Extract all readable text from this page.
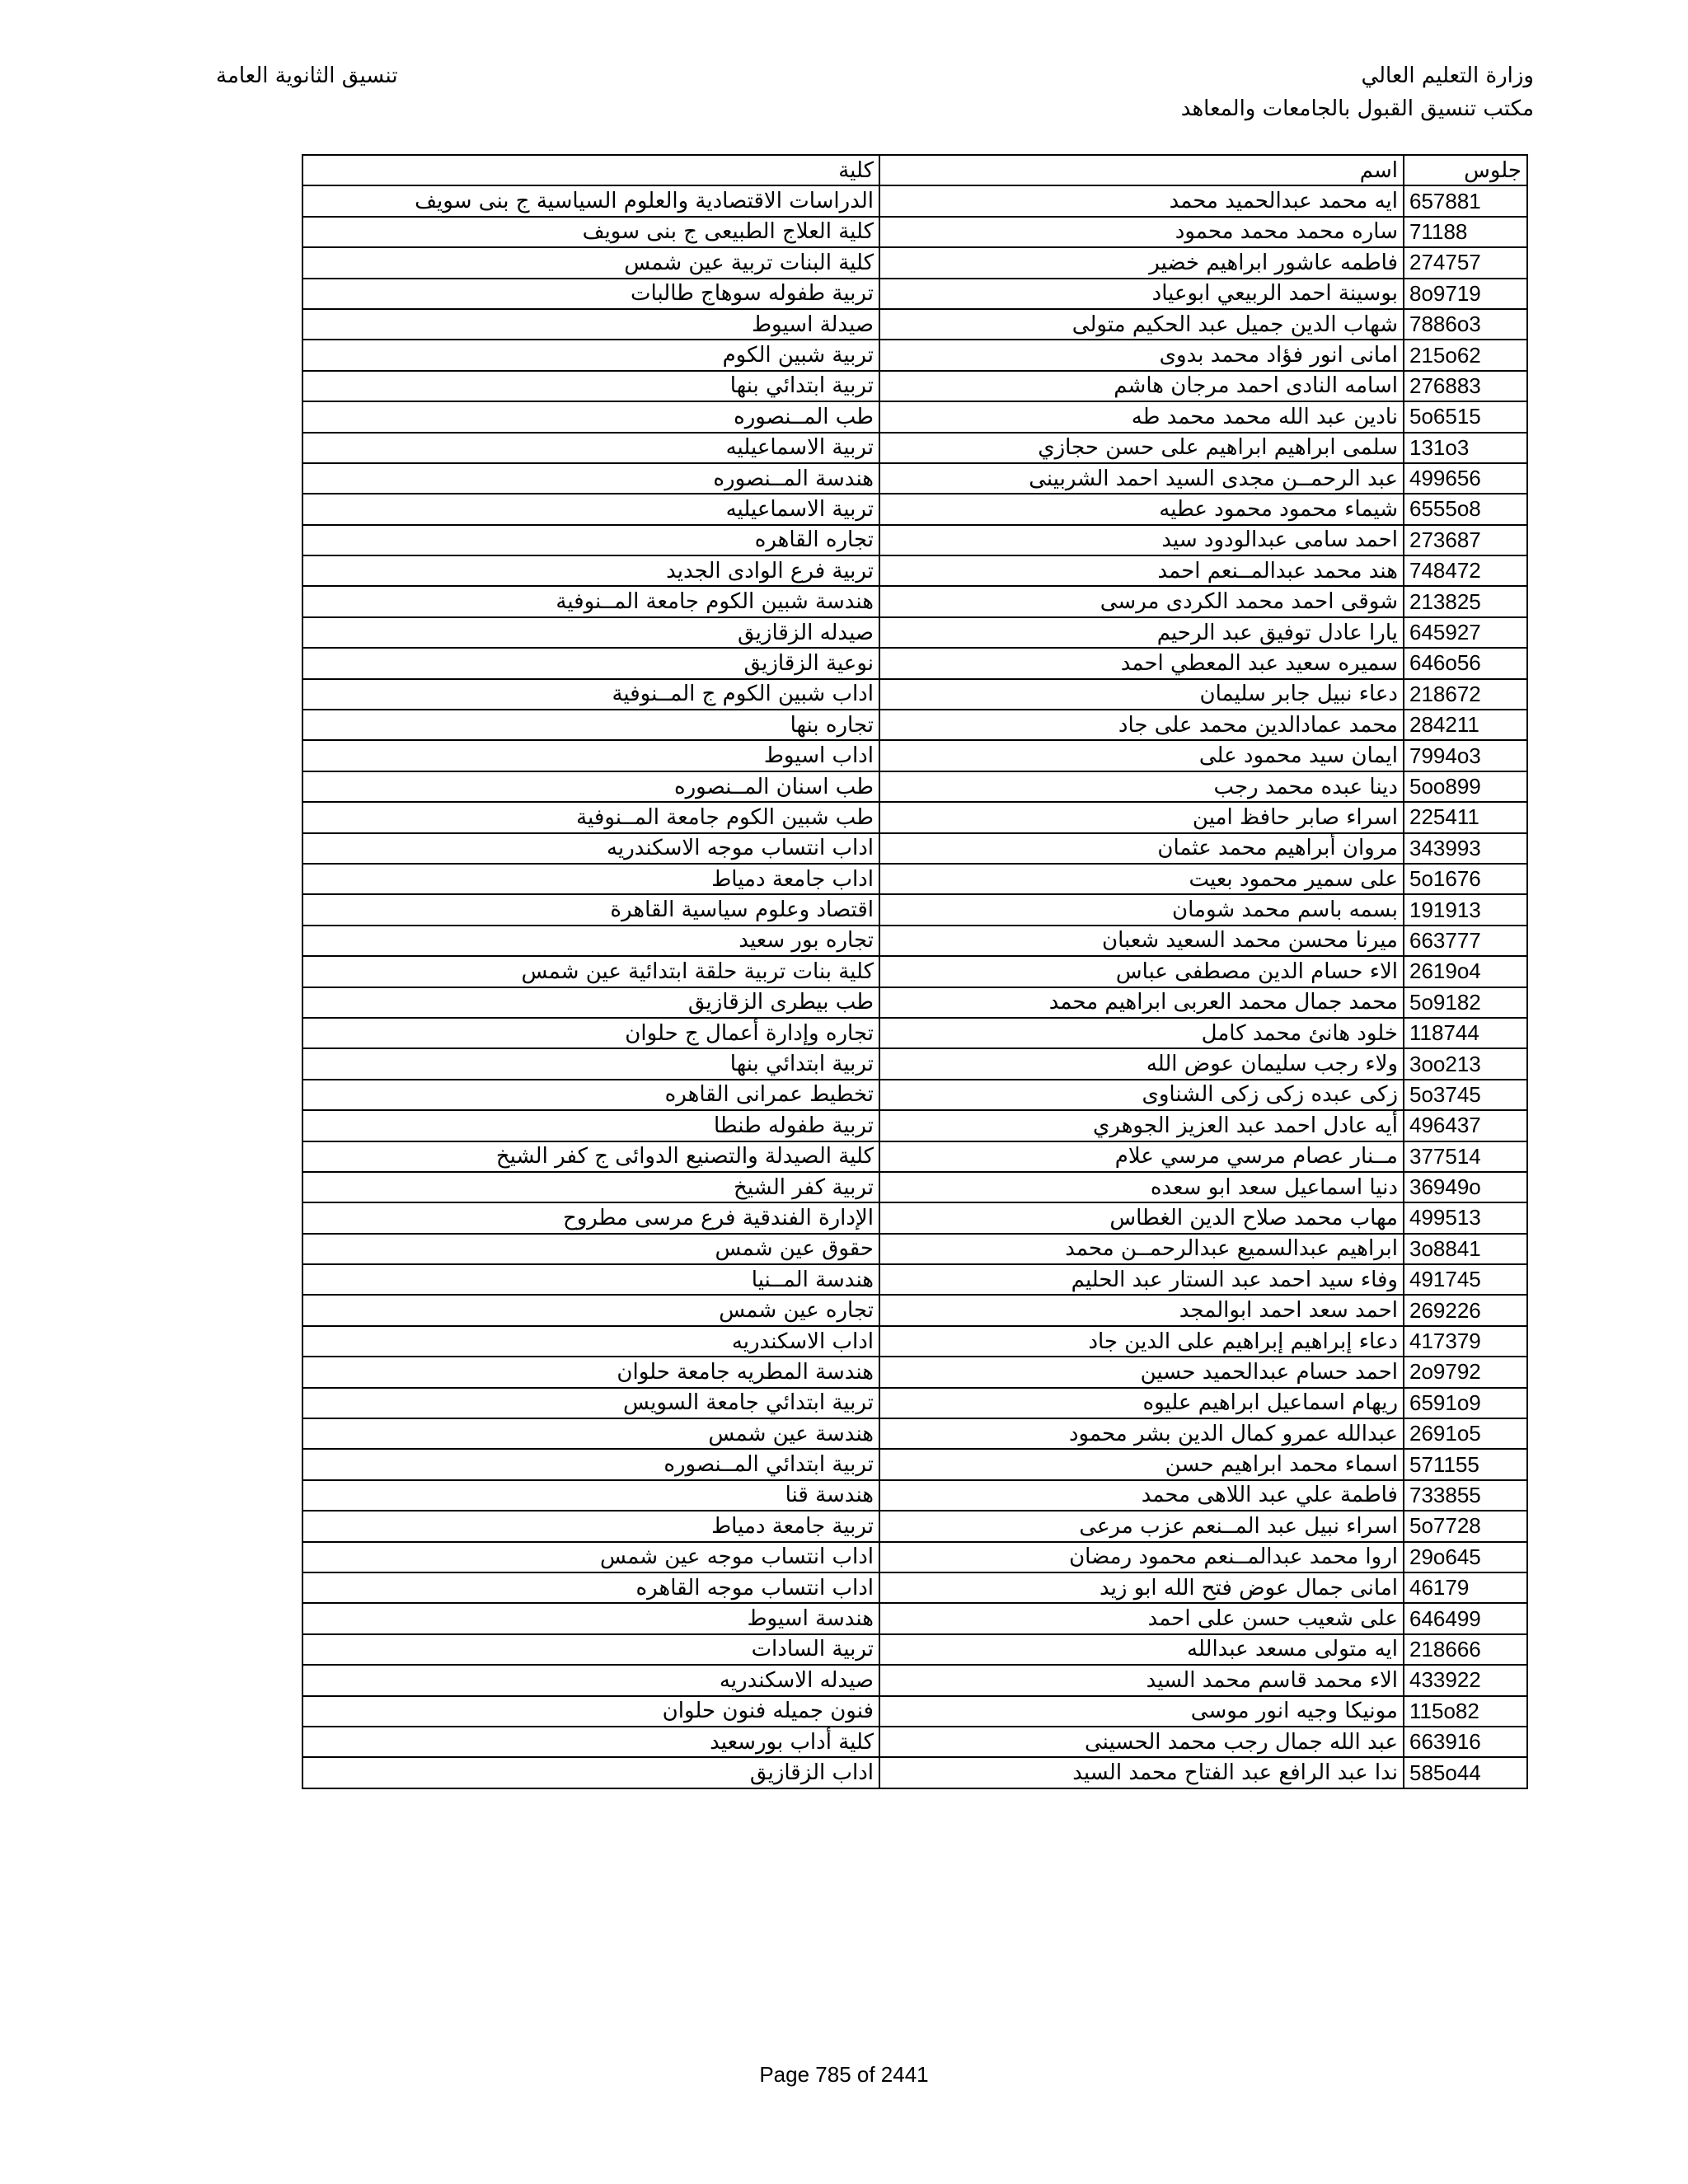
وزارة التعليم العالي
مكتب تنسيق القبول بالجامعات والمعاهد
تنسيق الثانوية العامة
جلوس	اسم	كلية
657881	ايه محمد عبدالحميد محمد	الدراسات الاقتصادية والعلوم السياسية ج بنى سويف
71188	ساره محمد محمد محمود	كلية العلاج الطبيعى ج بنى سويف
274757	فاطمه عاشور ابراهيم خضير	كلية البنات تربية عين شمس
8o9719	بوسينة احمد الربيعي ابوعياد	تربية طفوله سوهاج طالبات
7886o3	شهاب الدين جميل عبد الحكيم متولى	صيدلة اسيوط
215o62	امانى انور فؤاد محمد بدوى	تربية شبين الكوم
276883	اسامه النادى احمد مرجان هاشم	تربية ابتدائي بنها
5o6515	نادين عبد الله محمد محمد طه	طب المــنصوره
131o3	سلمى ابراهيم ابراهيم على حسن حجازي	تربية الاسماعيليه
499656	عبد الرحمــن مجدى السيد احمد الشربينى	هندسة المــنصوره
6555o8	شيماء محمود محمود عطيه	تربية الاسماعيليه
273687	احمد سامى عبدالودود سيد	تجاره القاهره
748472	هند محمد عبدالمــنعم احمد	تربية فرع الوادى الجديد
213825	شوقى احمد محمد الكردى مرسى	هندسة شبين الكوم جامعة المــنوفية
645927	يارا عادل توفيق عبد الرحيم	صيدله الزقازيق
646o56	سميره سعيد عبد المعطي احمد	نوعية الزقازيق
218672	دعاء نبيل جابر سليمان	اداب شبين الكوم ج المــنوفية
284211	محمد عمادالدين محمد على جاد	تجاره بنها
7994o3	ايمان سيد محمود على	اداب اسيوط
5oo899	دينا عبده محمد رجب	طب اسنان المــنصوره
225411	اسراء صابر حافظ امين	طب شبين الكوم جامعة المــنوفية
343993	مروان أبراهيم محمد عثمان	اداب انتساب موجه الاسكندريه
5o1676	على سمير محمود بعيت	اداب جامعة دمياط
191913	بسمه باسم محمد شومان	اقتصاد وعلوم سياسية القاهرة
663777	ميرنا محسن محمد السعيد شعبان	تجاره بور سعيد
2619o4	الاء حسام الدين مصطفى عباس	كلية بنات تربية حلقة ابتدائية عين شمس
5o9182	محمد جمال محمد العربى ابراهيم محمد	طب بيطرى الزقازيق
118744	خلود هانئ محمد كامل	تجاره وإدارة أعمال ج حلوان
3oo213	ولاء رجب سليمان عوض الله	تربية ابتدائي بنها
5o3745	زكى عبده زكى زكى الشناوى	تخطيط عمرانى القاهره
496437	أيه عادل احمد عبد العزيز الجوهري	تربية طفوله طنطا
377514	مــنار عصام مرسي مرسي علام	كلية الصيدلة والتصنيع الدوائى ج كفر الشيخ
36949o	دنيا اسماعيل سعد ابو سعده	تربية كفر الشيخ
499513	مهاب محمد صلاح الدين الغطاس	الإدارة الفندقية فرع مرسى مطروح
3o8841	ابراهيم عبدالسميع عبدالرحمــن محمد	حقوق عين شمس
491745	وفاء سيد احمد عبد الستار عبد الحليم	هندسة المــنيا
269226	احمد سعد احمد ابوالمجد	تجاره عين شمس
417379	دعاء إبراهيم إبراهيم على الدين جاد	اداب الاسكندريه
2o9792	احمد حسام عبدالحميد حسين	هندسة المطريه جامعة حلوان
6591o9	ريهام اسماعيل ابراهيم عليوه	تربية ابتدائي جامعة السويس
2691o5	عبدالله عمرو كمال الدين بشر محمود	هندسة عين شمس
571155	اسماء محمد ابراهيم حسن	تربية ابتدائي المــنصوره
733855	فاطمة علي عبد اللاهى محمد	هندسة قنا
5o7728	اسراء نبيل عبد المــنعم عزب مرعى	تربية جامعة دمياط
29o645	اروا محمد عبدالمــنعم محمود رمضان	اداب انتساب موجه عين شمس
46179	امانى جمال عوض فتح الله ابو زيد	اداب انتساب موجه القاهره
646499	على شعيب حسن على احمد	هندسة اسيوط
218666	ايه متولى مسعد عبدالله	تربية السادات
433922	الاء محمد قاسم محمد السيد	صيدله الاسكندريه
115o82	مونيكا وجيه انور موسى	فنون جميله فنون حلوان
663916	عبد الله جمال رجب محمد الحسينى	كلية أداب بورسعيد
585o44	ندا عبد الرافع عبد الفتاح محمد السيد	اداب الزقازيق
Page 785 of 2441
